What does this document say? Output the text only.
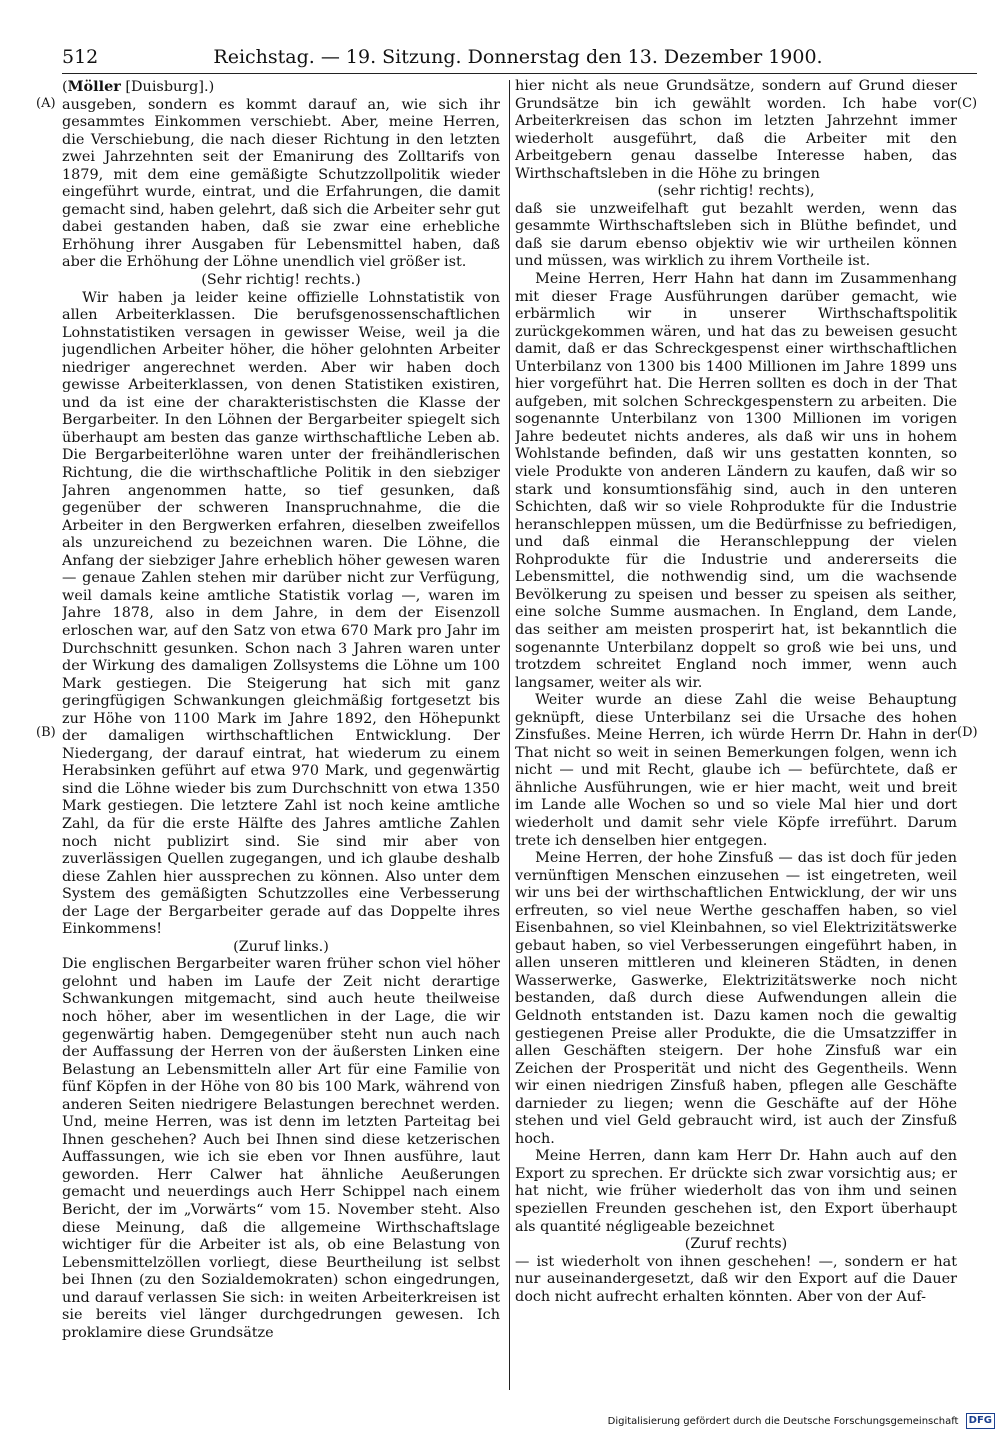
512	Reichstag. — 19. Sitzung. Donnerstag den 13. Dezember 1900.
(A)
(B)
(C)
(D)

(Möller [Duisburg].)

ausgeben, sondern es kommt darauf an, wie sich ihr gesammtes Einkommen verschiebt. Aber, meine Herren, die Verschiebung, die nach dieser Richtung in den letzten zwei Jahrzehnten seit der Emanirung des Zolltarifs von 1879, mit dem eine gemäßigte Schutzzollpolitik wieder eingeführt wurde, eintrat, und die Erfahrungen, die damit gemacht sind, haben gelehrt, daß sich die Arbeiter sehr gut dabei gestanden haben, daß sie zwar eine erhebliche Erhöhung ihrer Ausgaben für Lebensmittel haben, daß aber die Erhöhung der Löhne unendlich viel größer ist.

(Sehr richtig! rechts.)

Wir haben ja leider keine offizielle Lohnstatistik von allen Arbeiterklassen. Die berufsgenossenschaftlichen Lohnstatistiken versagen in gewisser Weise, weil ja die jugendlichen Arbeiter höher, die höher gelohnten Arbeiter niedriger angerechnet werden. Aber wir haben doch gewisse Arbeiterklassen, von denen Statistiken existiren, und da ist eine der charakteristischsten die Klasse der Bergarbeiter. In den Löhnen der Bergarbeiter spiegelt sich überhaupt am besten das ganze wirthschaftliche Leben ab. Die Bergarbeiterlöhne waren unter der freihändlerischen Richtung, die die wirthschaftliche Politik in den siebziger Jahren angenommen hatte, so tief gesunken, daß gegenüber der schweren Inanspruchnahme, die die Arbeiter in den Bergwerken erfahren, dieselben zweifellos als unzureichend zu bezeichnen waren. Die Löhne, die Anfang der siebziger Jahre erheblich höher gewesen waren — genaue Zahlen stehen mir darüber nicht zur Verfügung, weil damals keine amtliche Statistik vorlag —, waren im Jahre 1878, also in dem Jahre, in dem der Eisenzoll erloschen war, auf den Satz von etwa 670 Mark pro Jahr im Durchschnitt gesunken. Schon nach 3 Jahren waren unter der Wirkung des damaligen Zollsystems die Löhne um 100 Mark gestiegen. Die Steigerung hat sich mit ganz geringfügigen Schwankungen gleichmäßig fortgesetzt bis zur Höhe von 1100 Mark im Jahre 1892, den Höhepunkt der damaligen wirthschaftlichen Entwicklung. Der Niedergang, der darauf eintrat, hat wiederum zu einem Herabsinken geführt auf etwa 970 Mark, und gegenwärtig sind die Löhne wieder bis zum Durchschnitt von etwa 1350 Mark gestiegen. Die letztere Zahl ist noch keine amtliche Zahl, da für die erste Hälfte des Jahres amtliche Zahlen noch nicht publizirt sind. Sie sind mir aber von zuverlässigen Quellen zugegangen, und ich glaube deshalb diese Zahlen hier aussprechen zu können. Also unter dem System des gemäßigten Schutzzolles eine Verbesserung der Lage der Bergarbeiter gerade auf das Doppelte ihres Einkommens!

(Zuruf links.)

Die englischen Bergarbeiter waren früher schon viel höher gelohnt und haben im Laufe der Zeit nicht derartige Schwankungen mitgemacht, sind auch heute theilweise noch höher, aber im wesentlichen in der Lage, die wir gegenwärtig haben. Demgegenüber steht nun auch nach der Auffassung der Herren von der äußersten Linken eine Belastung an Lebensmitteln aller Art für eine Familie von fünf Köpfen in der Höhe von 80 bis 100 Mark, während von anderen Seiten niedrigere Belastungen berechnet werden. Und, meine Herren, was ist denn im letzten Parteitag bei Ihnen geschehen? Auch bei Ihnen sind diese ketzerischen Auffassungen, wie ich sie eben vor Ihnen ausführe, laut geworden. Herr Calwer hat ähnliche Aeußerungen gemacht und neuerdings auch Herr Schippel nach einem Bericht, der im „Vorwärts“ vom 15. November steht. Also diese Meinung, daß die allgemeine Wirthschaftslage wichtiger für die Arbeiter ist als, ob eine Belastung von Lebensmittelzöllen vorliegt, diese Beurtheilung ist selbst bei Ihnen (zu den Sozialdemokraten) schon eingedrungen, und darauf verlassen Sie sich: in weiten Arbeiterkreisen ist sie bereits viel länger durchgedrungen gewesen. Ich proklamire diese Grundsätze

hier nicht als neue Grundsätze, sondern auf Grund dieser Grundsätze bin ich gewählt worden. Ich habe vor Arbeiterkreisen das schon im letzten Jahrzehnt immer wiederholt ausgeführt, daß die Arbeiter mit den Arbeitgebern genau dasselbe Interesse haben, das Wirthschaftsleben in die Höhe zu bringen

(sehr richtig! rechts),

daß sie unzweifelhaft gut bezahlt werden, wenn das gesammte Wirthschaftsleben sich in Blüthe befindet, und daß sie darum ebenso objektiv wie wir urtheilen können und müssen, was wirklich zu ihrem Vortheile ist.

Meine Herren, Herr Hahn hat dann im Zusammenhang mit dieser Frage Ausführungen darüber gemacht, wie erbärmlich wir in unserer Wirthschaftspolitik zurückgekommen wären, und hat das zu beweisen gesucht damit, daß er das Schreckgespenst einer wirthschaftlichen Unterbilanz von 1300 bis 1400 Millionen im Jahre 1899 uns hier vorgeführt hat. Die Herren sollten es doch in der That aufgeben, mit solchen Schreckgespenstern zu arbeiten. Die sogenannte Unterbilanz von 1300 Millionen im vorigen Jahre bedeutet nichts anderes, als daß wir uns in hohem Wohlstande befinden, daß wir uns gestatten konnten, so viele Produkte von anderen Ländern zu kaufen, daß wir so stark und konsumtionsfähig sind, auch in den unteren Schichten, daß wir so viele Rohprodukte für die Industrie heranschleppen müssen, um die Bedürfnisse zu befriedigen, und daß einmal die Heranschleppung der vielen Rohprodukte für die Industrie und andererseits die Lebensmittel, die nothwendig sind, um die wachsende Bevölkerung zu speisen und besser zu speisen als seither, eine solche Summe ausmachen. In England, dem Lande, das seither am meisten prosperirt hat, ist bekanntlich die sogenannte Unterbilanz doppelt so groß wie bei uns, und trotzdem schreitet England noch immer, wenn auch langsamer, weiter als wir.

Weiter wurde an diese Zahl die weise Behauptung geknüpft, diese Unterbilanz sei die Ursache des hohen Zinsfußes. Meine Herren, ich würde Herrn Dr. Hahn in der That nicht so weit in seinen Bemerkungen folgen, wenn ich nicht — und mit Recht, glaube ich — befürchtete, daß er ähnliche Ausführungen, wie er hier macht, weit und breit im Lande alle Wochen so und so viele Mal hier und dort wiederholt und damit sehr viele Köpfe irreführt. Darum trete ich denselben hier entgegen.

Meine Herren, der hohe Zinsfuß — das ist doch für jeden vernünftigen Menschen einzusehen — ist eingetreten, weil wir uns bei der wirthschaftlichen Entwicklung, der wir uns erfreuten, so viel neue Werthe geschaffen haben, so viel Eisenbahnen, so viel Kleinbahnen, so viel Elektrizitätswerke gebaut haben, so viel Verbesserungen eingeführt haben, in allen unseren mittleren und kleineren Städten, in denen Wasserwerke, Gaswerke, Elektrizitätswerke noch nicht bestanden, daß durch diese Aufwendungen allein die Geldnoth entstanden ist. Dazu kamen noch die gewaltig gestiegenen Preise aller Produkte, die die Umsatzziffer in allen Geschäften steigern. Der hohe Zinsfuß war ein Zeichen der Prosperität und nicht des Gegentheils. Wenn wir einen niedrigen Zinsfuß haben, pflegen alle Geschäfte darnieder zu liegen; wenn die Geschäfte auf der Höhe stehen und viel Geld gebraucht wird, ist auch der Zinsfuß hoch.

Meine Herren, dann kam Herr Dr. Hahn auch auf den Export zu sprechen. Er drückte sich zwar vorsichtig aus; er hat nicht, wie früher wiederholt das von ihm und seinen speziellen Freunden geschehen ist, den Export überhaupt als quantité négligeable bezeichnet

(Zuruf rechts)

— ist wiederholt von ihnen geschehen! —, sondern er hat nur auseinandergesetzt, daß wir den Export auf die Dauer doch nicht aufrecht erhalten könnten. Aber von der Auf-

Digitalisierung gefördert durch die Deutsche Forschungsgemeinschaft DFG
